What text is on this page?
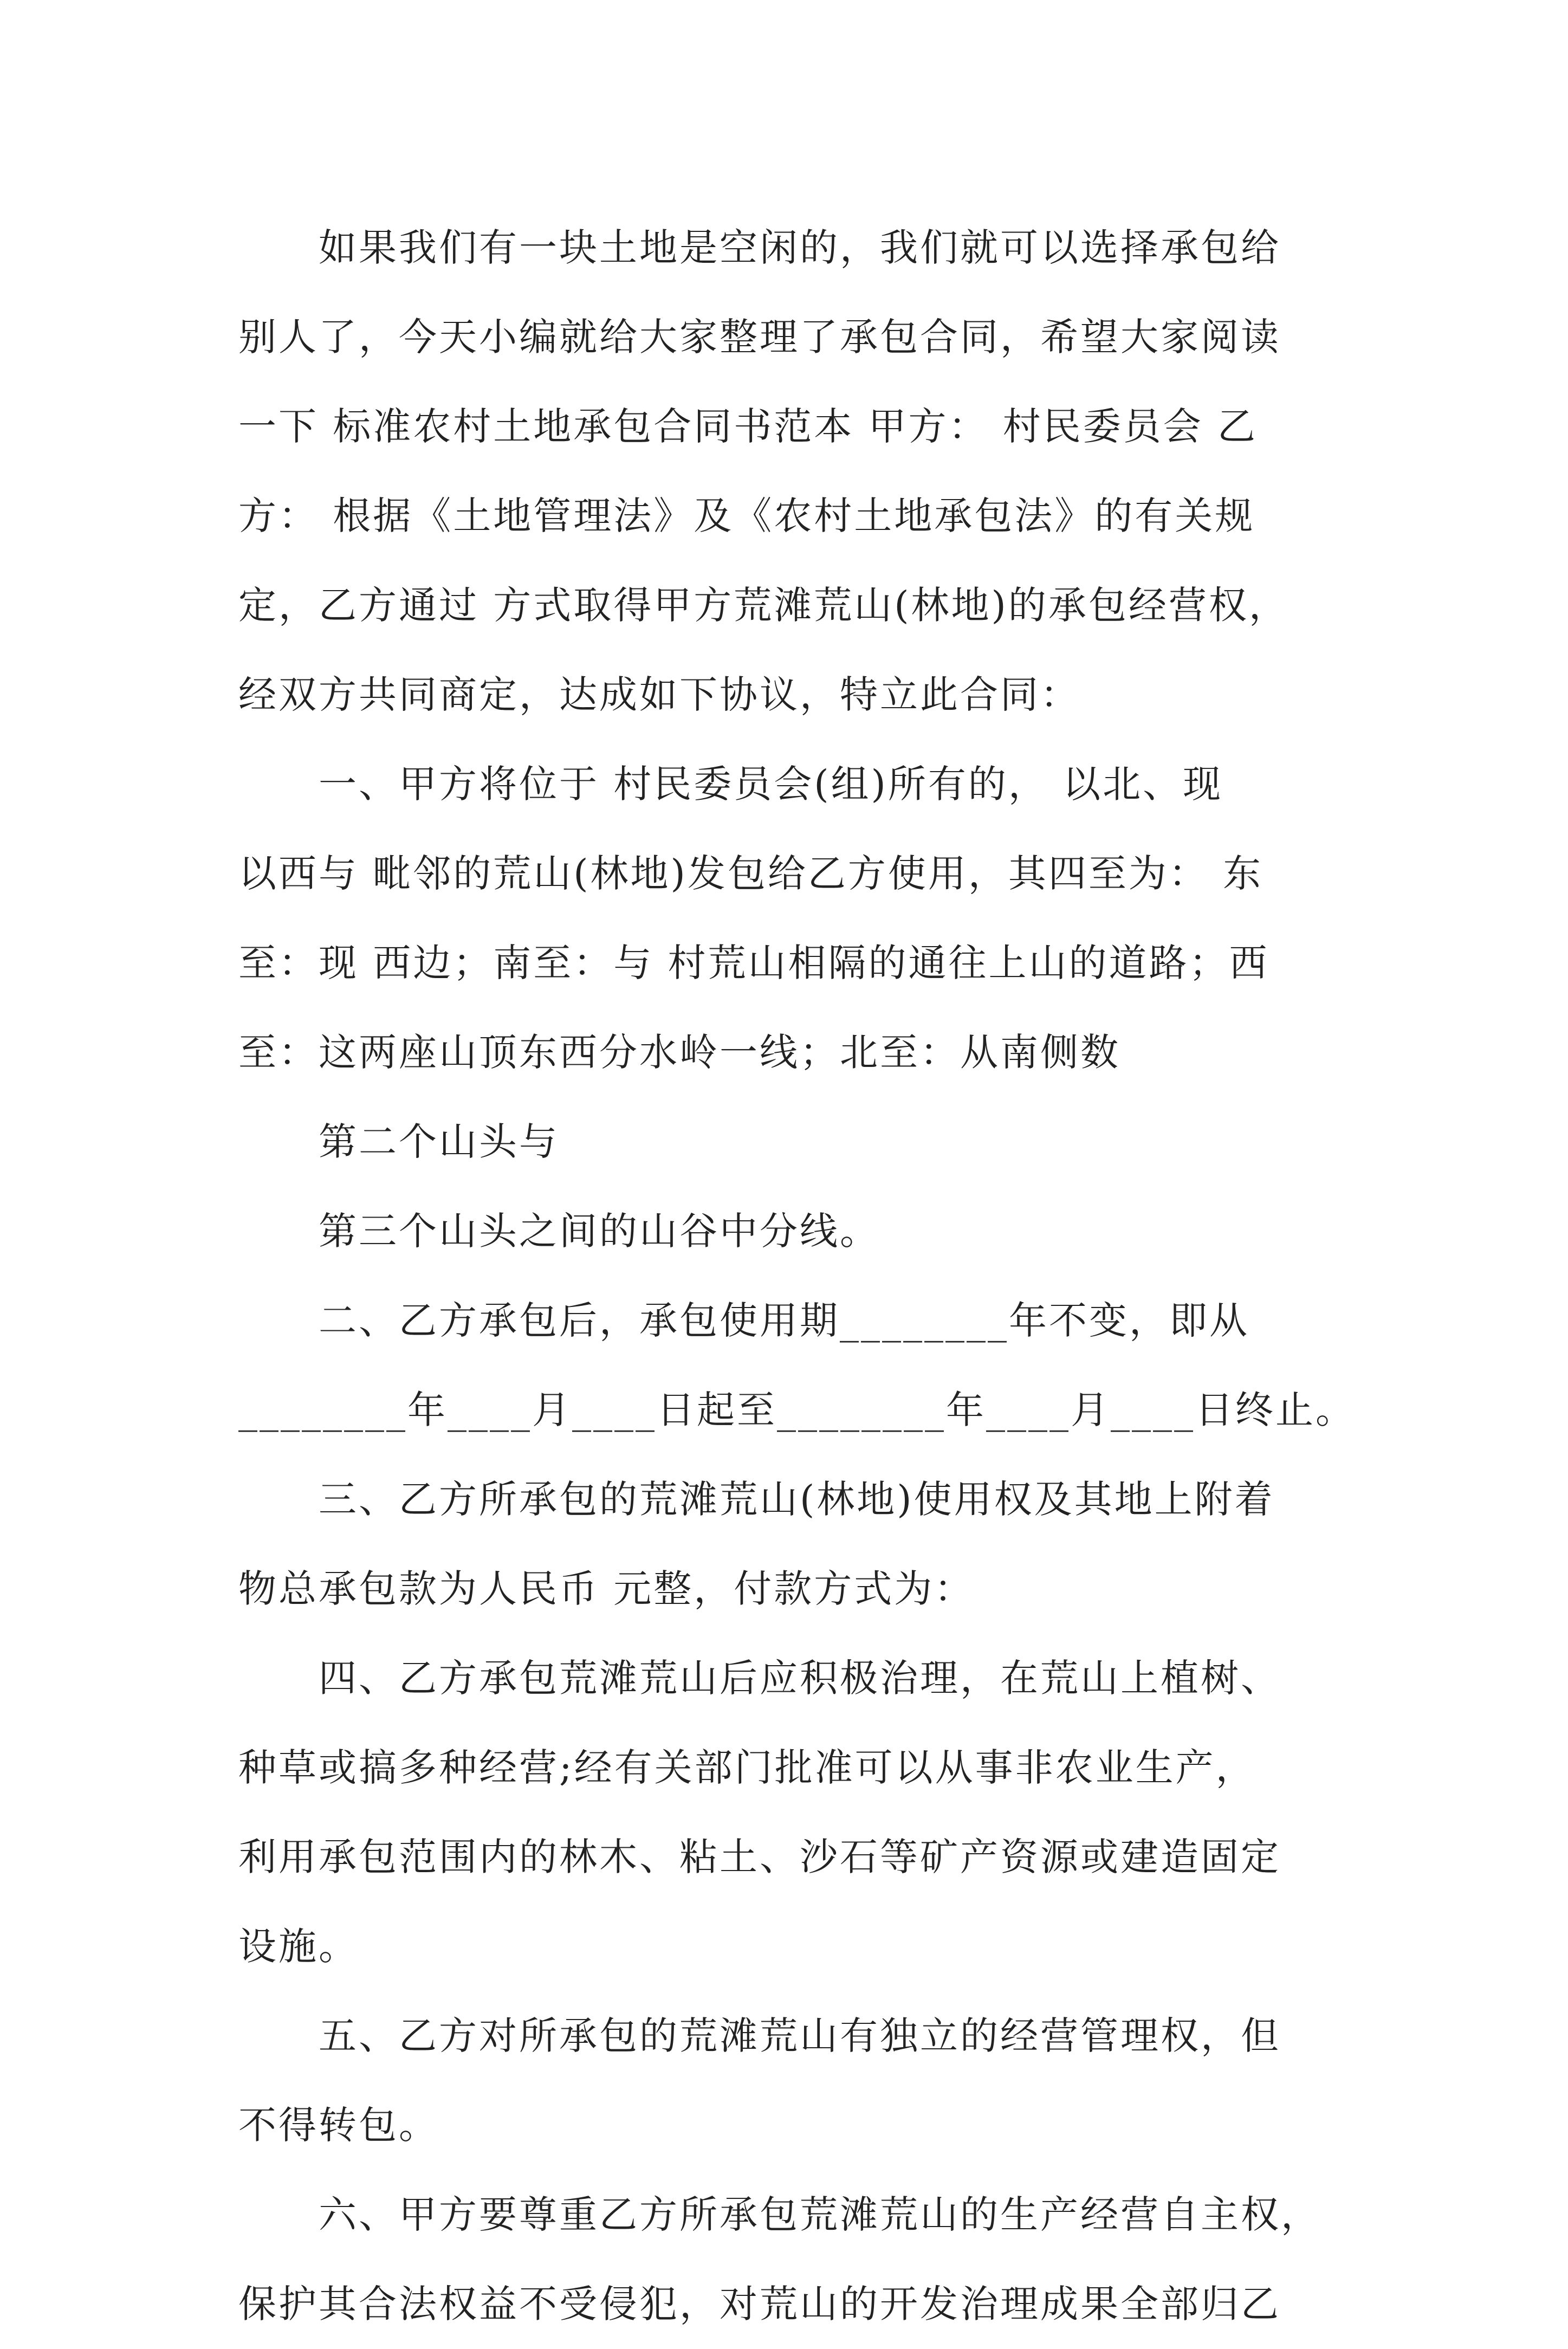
　　如果我们有一块土地是空闲的，我们就可以选择承包给
别人了，今天小编就给大家整理了承包合同，希望大家阅读
一下 标准农村土地承包合同书范本 甲方： 村民委员会 乙
方： 根据《土地管理法》及《农村土地承包法》的有关规
定，乙方通过 方式取得甲方荒滩荒山(林地)的承包经营权，
经双方共同商定，达成如下协议，特立此合同：
　　一、甲方将位于 村民委员会(组)所有的， 以北、现
以西与 毗邻的荒山(林地)发包给乙方使用，其四至为： 东
至：现 西边；南至：与 村荒山相隔的通往上山的道路；西
至：这两座山顶东西分水岭一线；北至：从南侧数
　　第二个山头与
　　第三个山头之间的山谷中分线。
　　二、乙方承包后，承包使用期________年不变，即从
________年____月____日起至________年____月____日终止。
　　三、乙方所承包的荒滩荒山(林地)使用权及其地上附着
物总承包款为人民币 元整，付款方式为：
　　四、乙方承包荒滩荒山后应积极治理，在荒山上植树、
种草或搞多种经营;经有关部门批准可以从事非农业生产，
利用承包范围内的林木、粘土、沙石等矿产资源或建造固定
设施。
　　五、乙方对所承包的荒滩荒山有独立的经营管理权，但
不得转包。
　　六、甲方要尊重乙方所承包荒滩荒山的生产经营自主权，
保护其合法权益不受侵犯，对荒山的开发治理成果全部归乙
